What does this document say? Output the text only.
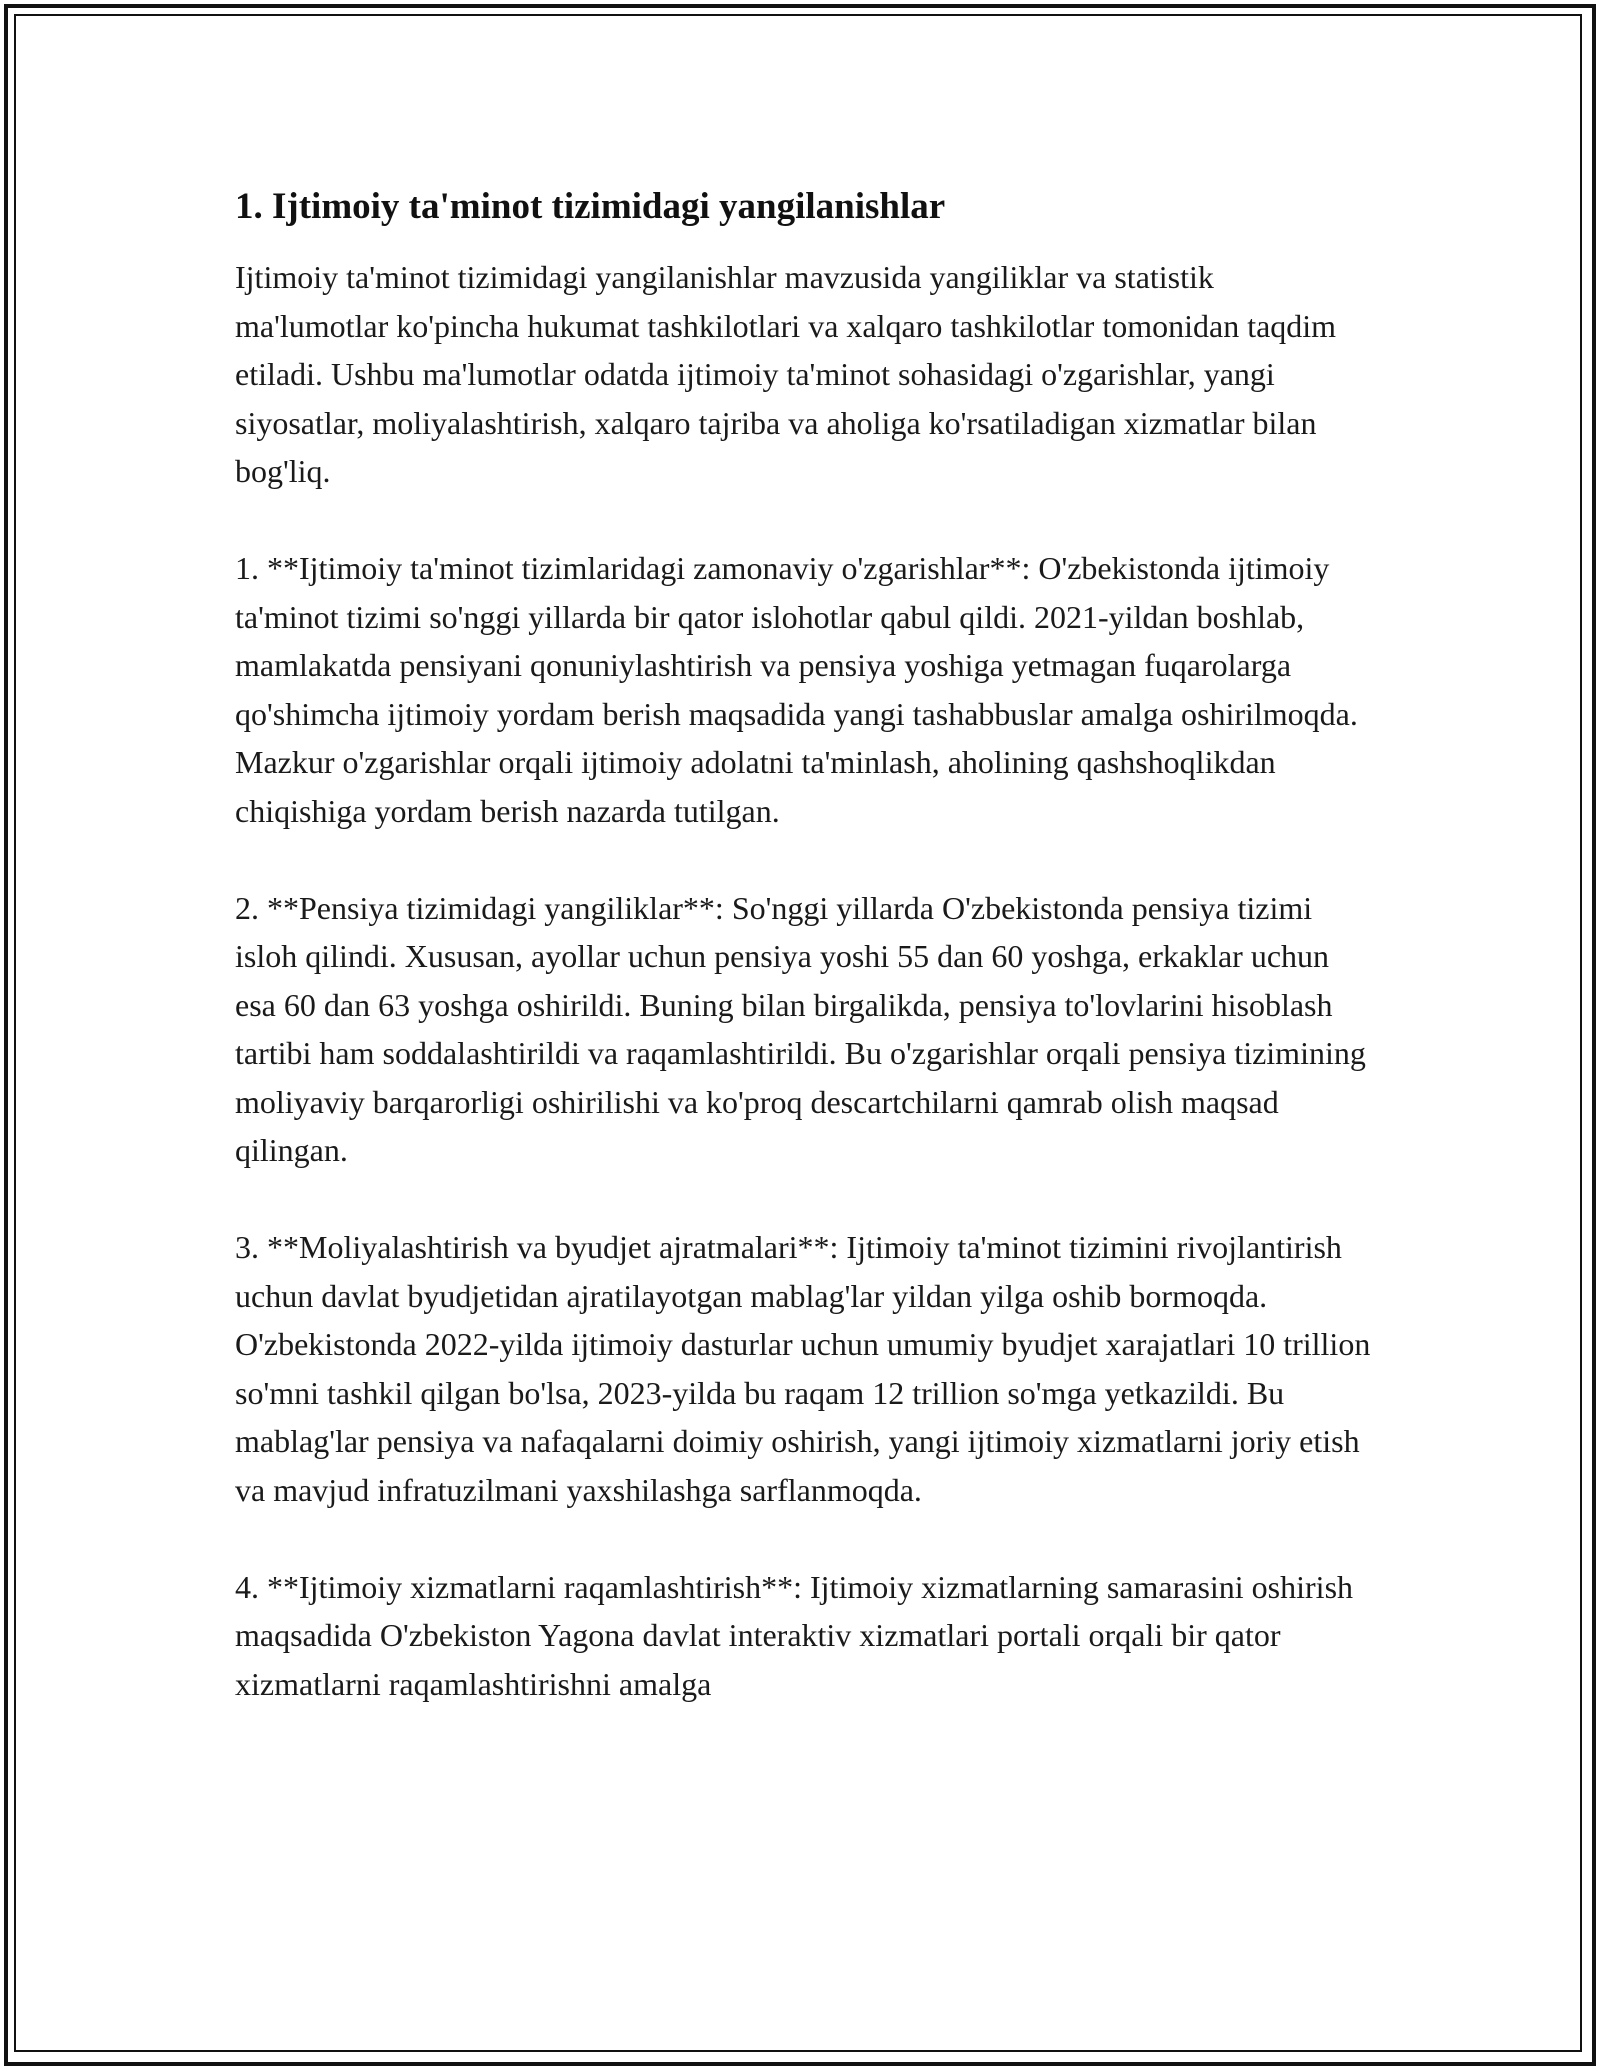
1. Ijtimoiy ta'minot tizimidagi yangilanishlar

Ijtimoiy ta'minot tizimidagi yangilanishlar mavzusida yangiliklar va statistik ma'lumotlar ko'pincha hukumat tashkilotlari va xalqaro tashkilotlar tomonidan taqdim etiladi. Ushbu ma'lumotlar odatda ijtimoiy ta'minot sohasidagi o'zgarishlar, yangi siyosatlar, moliyalashtirish, xalqaro tajriba va aholiga ko'rsatiladigan xizmatlar bilan bog'liq.

1. **Ijtimoiy ta'minot tizimlaridagi zamonaviy o'zgarishlar**: O'zbekistonda ijtimoiy ta'minot tizimi so'nggi yillarda bir qator islohotlar qabul qildi. 2021-yildan boshlab, mamlakatda pensiyani qonuniylashtirish va pensiya yoshiga yetmagan fuqarolarga qo'shimcha ijtimoiy yordam berish maqsadida yangi tashabbuslar amalga oshirilmoqda. Mazkur o'zgarishlar orqali ijtimoiy adolatni ta'minlash, aholining qashshoqlikdan chiqishiga yordam berish nazarda tutilgan.

2. **Pensiya tizimidagi yangiliklar**: So'nggi yillarda O'zbekistonda pensiya tizimi isloh qilindi. Xususan, ayollar uchun pensiya yoshi 55 dan 60 yoshga, erkaklar uchun esa 60 dan 63 yoshga oshirildi. Buning bilan birgalikda, pensiya to'lovlarini hisoblash tartibi ham soddalashtirildi va raqamlashtirildi. Bu o'zgarishlar orqali pensiya tizimining moliyaviy barqarorligi oshirilishi va ko'proq descartchilarni qamrab olish maqsad qilingan.

3. **Moliyalashtirish va byudjet ajratmalari**: Ijtimoiy ta'minot tizimini rivojlantirish uchun davlat byudjetidan ajratilayotgan mablag'lar yildan yilga oshib bormoqda. O'zbekistonda 2022-yilda ijtimoiy dasturlar uchun umumiy byudjet xarajatlari 10 trillion so'mni tashkil qilgan bo'lsa, 2023-yilda bu raqam 12 trillion so'mga yetkazildi. Bu mablag'lar pensiya va nafaqalarni doimiy oshirish, yangi ijtimoiy xizmatlarni joriy etish va mavjud infratuzilmani yaxshilashga sarflanmoqda.

4. **Ijtimoiy xizmatlarni raqamlashtirish**: Ijtimoiy xizmatlarning samarasini oshirish maqsadida O'zbekiston Yagona davlat interaktiv xizmatlari portali orqali bir qator xizmatlarni raqamlashtirishni amalga
